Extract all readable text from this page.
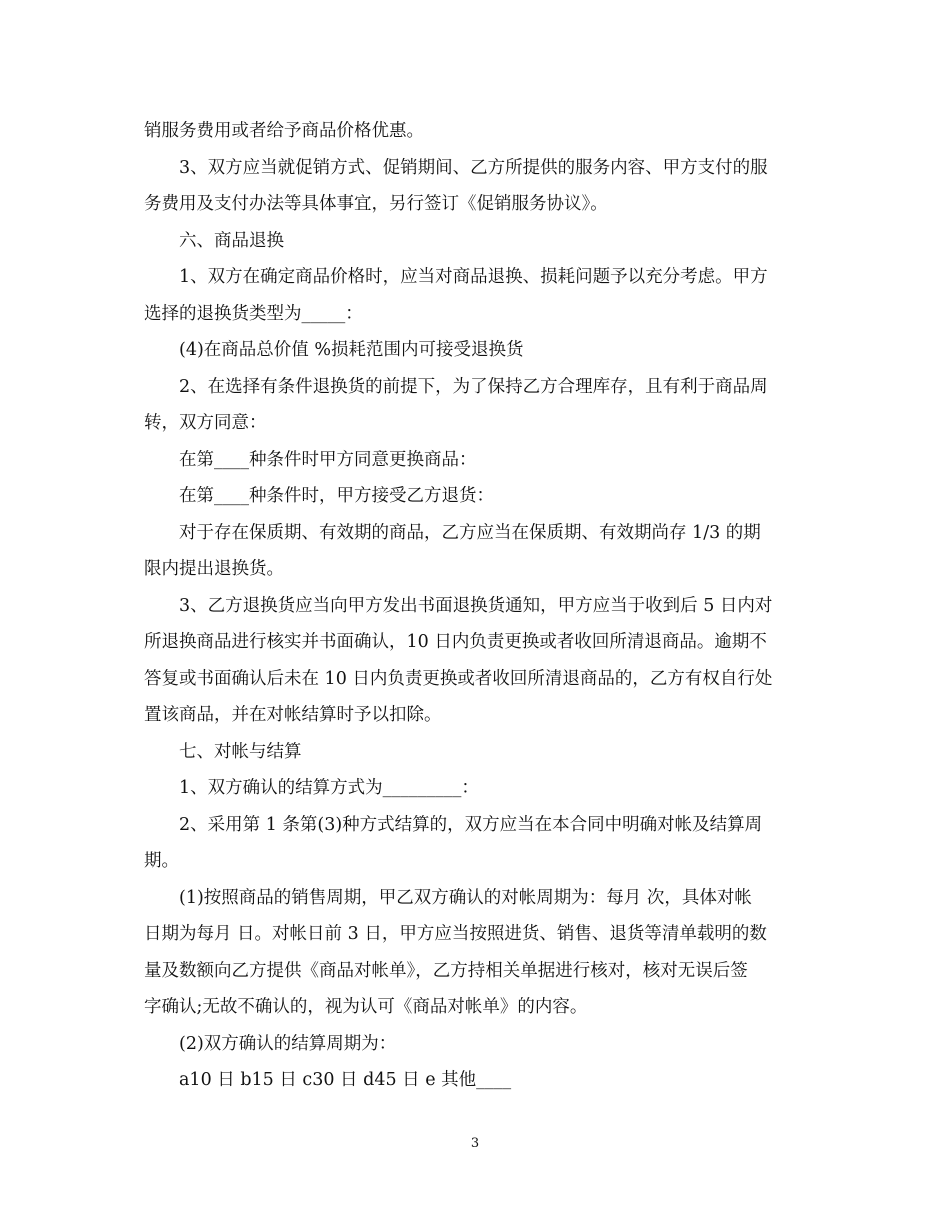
销服务费用或者给予商品价格优惠。

3、双方应当就促销方式、促销期间、乙方所提供的服务内容、甲方支付的服

务费用及支付办法等具体事宜，另行签订《促销服务协议》。

六、商品退换

1、双方在确定商品价格时，应当对商品退换、损耗问题予以充分考虑。甲方

选择的退换货类型为_____：

(4)在商品总价值 %损耗范围内可接受退换货

2、在选择有条件退换货的前提下，为了保持乙方合理库存，且有利于商品周

转，双方同意：

在第____种条件时甲方同意更换商品：

在第____种条件时，甲方接受乙方退货：

对于存在保质期、有效期的商品，乙方应当在保质期、有效期尚存 1/3 的期

限内提出退换货。

3、乙方退换货应当向甲方发出书面退换货通知，甲方应当于收到后 5 日内对

所退换商品进行核实并书面确认，10 日内负责更换或者收回所清退商品。逾期不

答复或书面确认后未在 10 日内负责更换或者收回所清退商品的，乙方有权自行处

置该商品，并在对帐结算时予以扣除。

七、对帐与结算

1、双方确认的结算方式为_________：

2、采用第 1 条第(3)种方式结算的，双方应当在本合同中明确对帐及结算周

期。

(1)按照商品的销售周期，甲乙双方确认的对帐周期为：每月 次，具体对帐

日期为每月 日。对帐日前 3 日，甲方应当按照进货、销售、退货等清单载明的数

量及数额向乙方提供《商品对帐单》，乙方持相关单据进行核对，核对无误后签

字确认;无故不确认的，视为认可《商品对帐单》的内容。

(2)双方确认的结算周期为：

a10 日 b15 日 c30 日 d45 日 e 其他____

3
